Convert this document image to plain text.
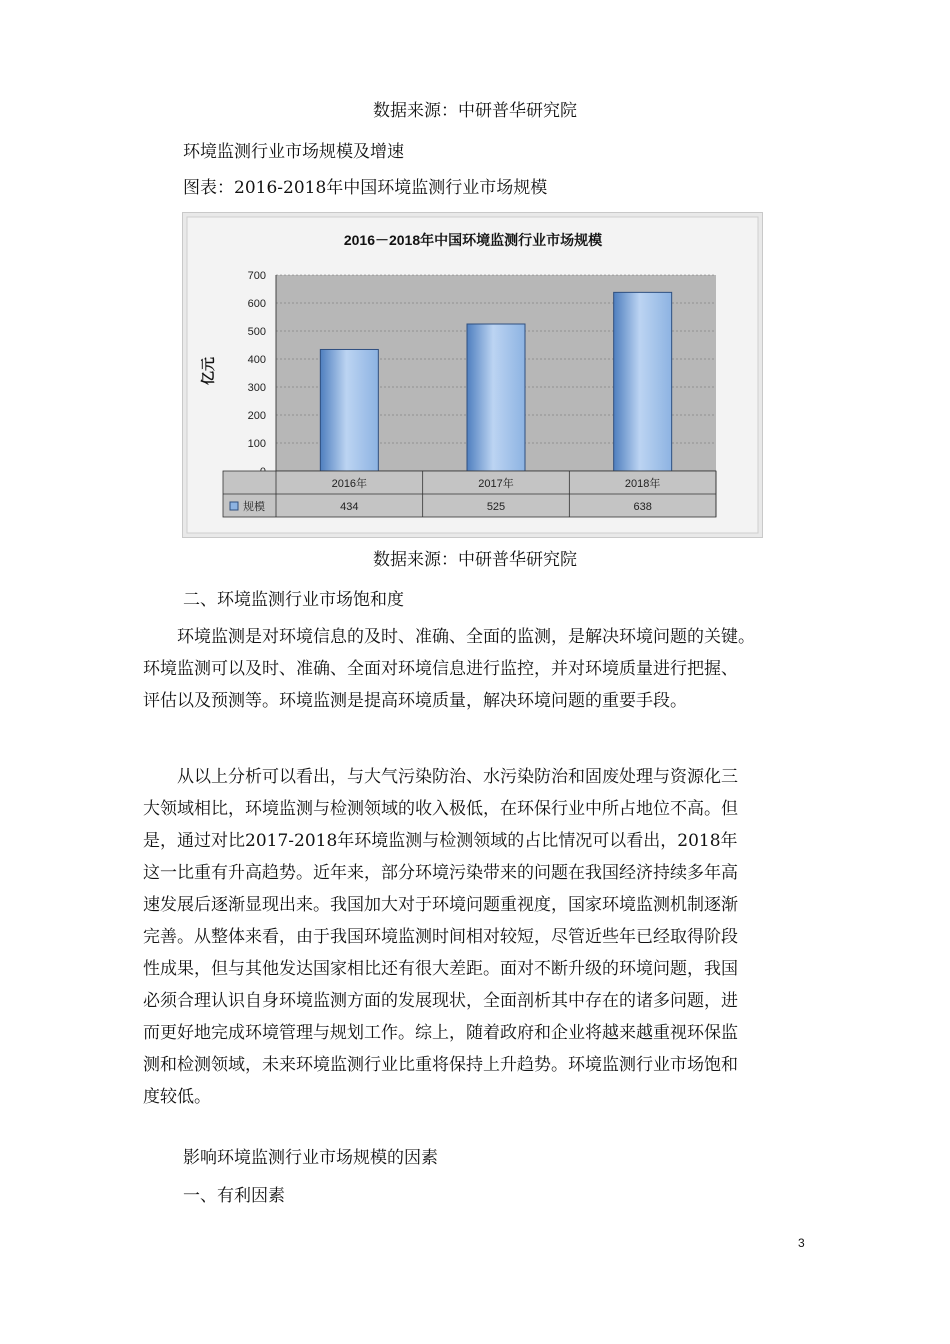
数据来源：中研普华研究院
环境监测行业市场规模及增速
图表：2016-2018年中国环境监测行业市场规模
2016－2018年中国环境监测行业市场规模
亿元
100
200
300
400
500
600
700
2016年	2017年	2018年
规模	434	525	638
数据来源：中研普华研究院
二、环境监测行业市场饱和度
环境监测是对环境信息的及时、准确、全面的监测，是解决环境问题的关键。
环境监测可以及时、准确、全面对环境信息进行监控，并对环境质量进行把握、
评估以及预测等。环境监测是提高环境质量，解决环境问题的重要手段。
从以上分析可以看出，与大气污染防治、水污染防治和固废处理与资源化三
大领域相比，环境监测与检测领域的收入极低，在环保行业中所占地位不高。但
是，通过对比2017-2018年环境监测与检测领域的占比情况可以看出，2018年
这一比重有升高趋势。近年来，部分环境污染带来的问题在我国经济持续多年高
速发展后逐渐显现出来。我国加大对于环境问题重视度，国家环境监测机制逐渐
完善。从整体来看，由于我国环境监测时间相对较短，尽管近些年已经取得阶段
性成果，但与其他发达国家相比还有很大差距。面对不断升级的环境问题，我国
必须合理认识自身环境监测方面的发展现状，全面剖析其中存在的诸多问题，进
而更好地完成环境管理与规划工作。综上，随着政府和企业将越来越重视环保监
测和检测领域，未来环境监测行业比重将保持上升趋势。环境监测行业市场饱和
度较低。
影响环境监测行业市场规模的因素
一、有利因素
3
